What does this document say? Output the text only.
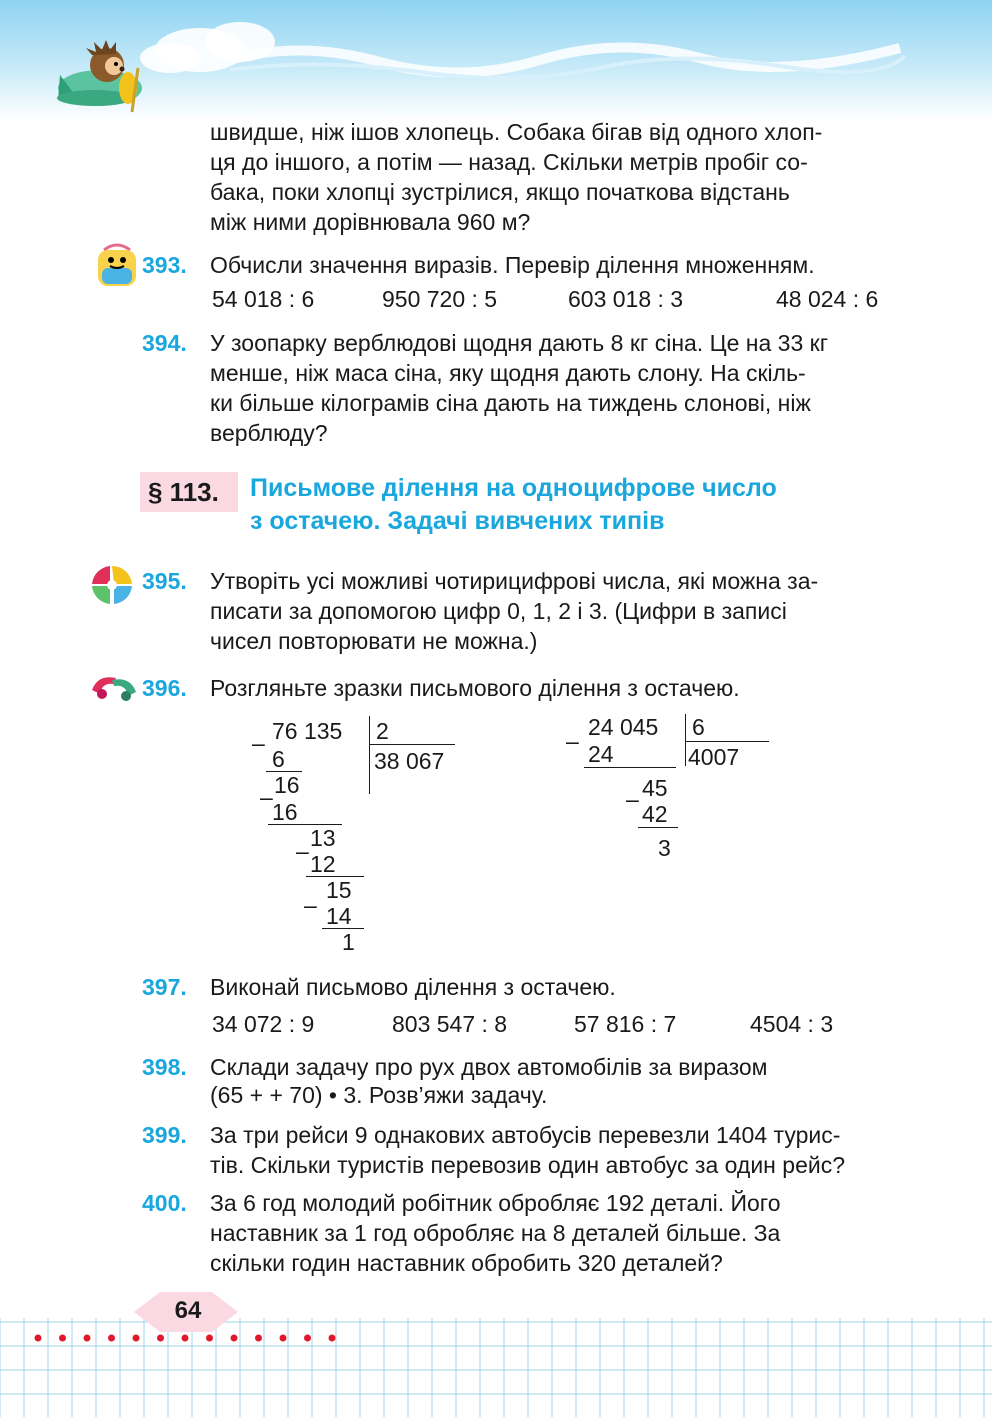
швидше, ніж ішов хлопець. Собака бігав від одного хлоп-
ця до іншого, а потім — назад. Скільки метрів пробіг со-
бака, поки хлопці зустрілися, якщо початкова відстань
між ними дорівнювала 960 м?
393.	Обчисли значення виразів. Перевір ділення множенням.
54 018 : 6	950 720 : 5	603 018 : 3	48 024 : 6
394.	У зоопарку верблюдові щодня дають 8 кг сіна. Це на 33 кг
менше, ніж маса сіна, яку щодня дають слону. На скіль-
ки більше кілограмів сіна дають на тиждень слонові, ніж
верблюду?
§ 113.	Письмове ділення на одноцифрове число
з остачею. Задачі вивчених типів
395.	Утворіть усі можливі чотирицифрові числа, які можна за-
писати за допомогою цифр 0, 1, 2 і 3. (Цифри в записі
чисел повторювати не можна.)
396.	Розгляньте зразки письмового ділення з остачею.
– 76 135 2
38 067
6
– 16
16
13
– 12
15
– 14
1
–
24 045 6
4007
24
– 45
42
3
397.	Виконай письмово ділення з остачею.
34 072 : 9	803 547 : 8	57 816 : 7	4504 : 3
398.	Склади задачу про рух двох автомобілів за виразом
(65 + + 70) • 3. Розв’яжи задачу.
399.	За три рейси 9 однакових автобусів перевезли 1404 турис-
тів. Скільки туристів перевозив один автобус за один рейс?
400.	За 6 год молодий робітник обробляє 192 деталі. Його
наставник за 1 год обробляє на 8 деталей більше. За
скільки годин наставник обробить 320 деталей?
64
